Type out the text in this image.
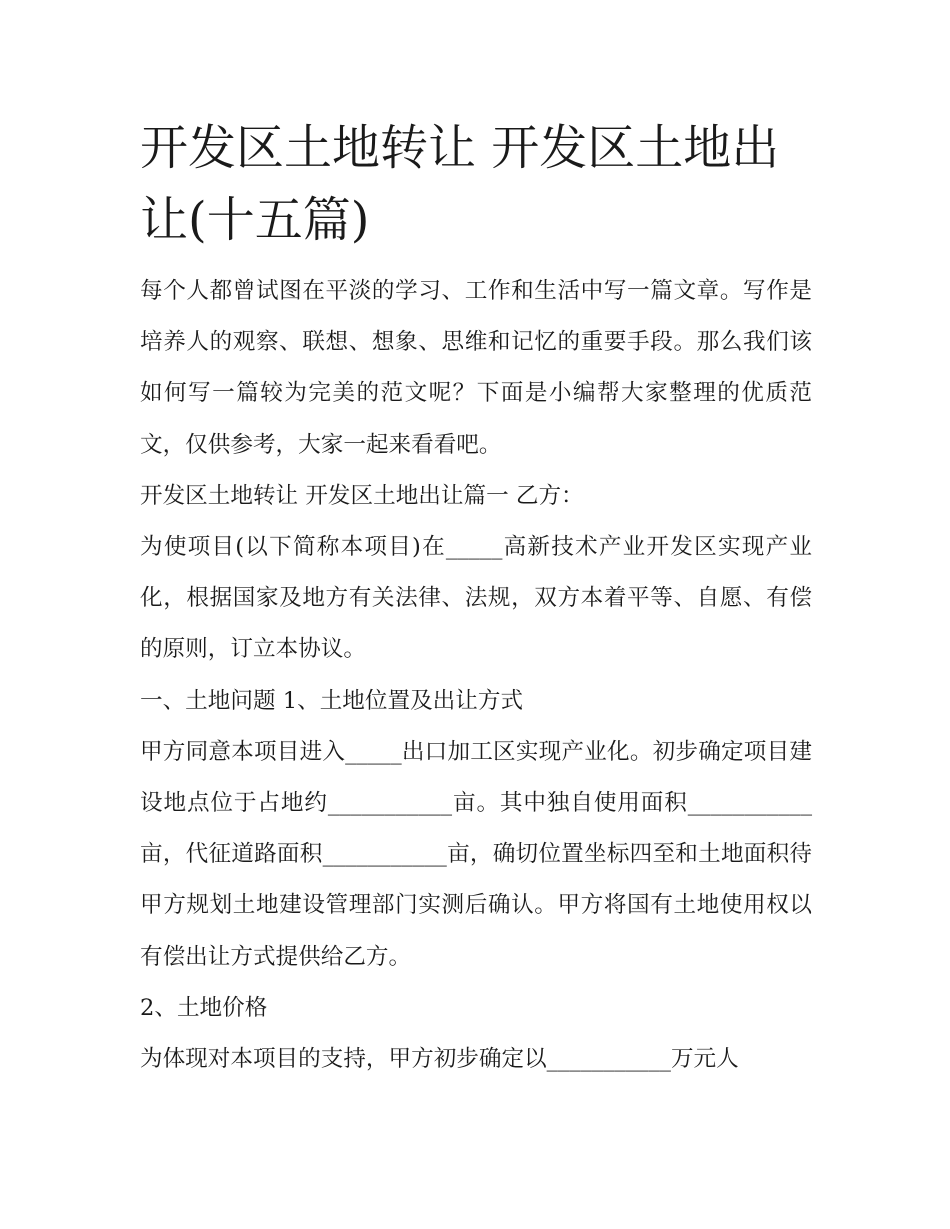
开发区土地转让 开发区土地出让(十五篇)

每个人都曾试图在平淡的学习、工作和生活中写一篇文章。写作是培养人的观察、联想、想象、思维和记忆的重要手段。那么我们该如何写一篇较为完美的范文呢？下面是小编帮大家整理的优质范文，仅供参考，大家一起来看看吧。

开发区土地转让 开发区土地出让篇一 乙方：

为使项目(以下简称本项目)在_____高新技术产业开发区实现产业化，根据国家及地方有关法律、法规，双方本着平等、自愿、有偿的原则，订立本协议。

一、土地问题 1、土地位置及出让方式

甲方同意本项目进入_____出口加工区实现产业化。初步确定项目建设地点位于占地约___________亩。其中独自使用面积___________亩，代征道路面积___________亩，确切位置坐标四至和土地面积待甲方规划土地建设管理部门实测后确认。甲方将国有土地使用权以有偿出让方式提供给乙方。

2、土地价格

为体现对本项目的支持，甲方初步确定以___________万元人
